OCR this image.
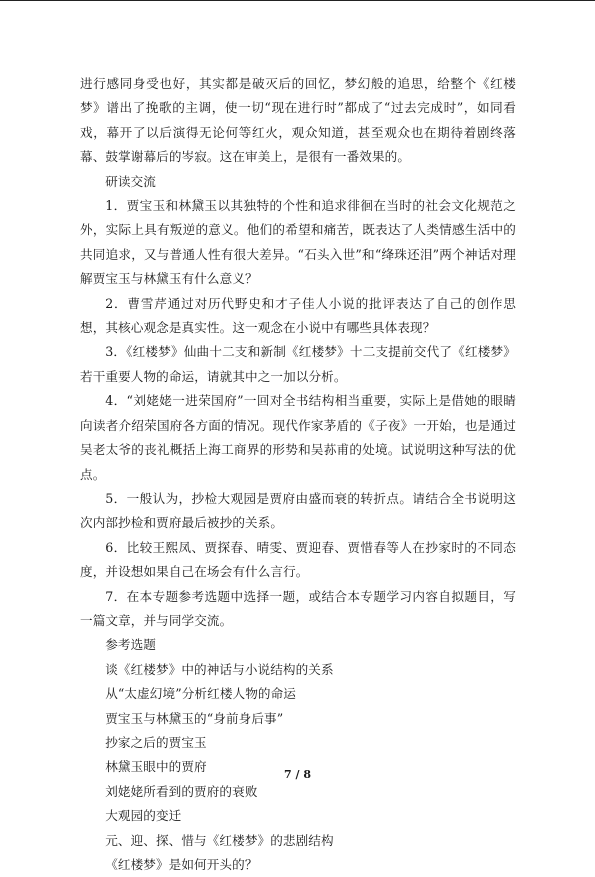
进行感同身受也好，其实都是破灭后的回忆，梦幻般的追思，给整个《红楼梦》谱出了挽歌的主调，使一切“现在进行时”都成了“过去完成时”，如同看戏，幕开了以后演得无论何等红火，观众知道，甚至观众也在期待着剧终落幕、鼓掌谢幕后的岑寂。这在审美上，是很有一番效果的。

研读交流

1．贾宝玉和林黛玉以其独特的个性和追求徘徊在当时的社会文化规范之外，实际上具有叛逆的意义。他们的希望和痛苦，既表达了人类情感生活中的共同追求，又与普通人性有很大差异。“石头入世”和“绛珠还泪”两个神话对理解贾宝玉与林黛玉有什么意义？

2．曹雪芹通过对历代野史和才子佳人小说的批评表达了自己的创作思想，其核心观念是真实性。这一观念在小说中有哪些具体表现？

3．《红楼梦》仙曲十二支和新制《红楼梦》十二支提前交代了《红楼梦》若干重要人物的命运，请就其中之一加以分析。

4．“刘姥姥一进荣国府”一回对全书结构相当重要，实际上是借她的眼睛向读者介绍荣国府各方面的情况。现代作家茅盾的《子夜》一开始，也是通过吴老太爷的丧礼概括上海工商界的形势和吴荪甫的处境。试说明这种写法的优点。

5．一般认为，抄检大观园是贾府由盛而衰的转折点。请结合全书说明这次内部抄检和贾府最后被抄的关系。

6．比较王熙凤、贾探春、晴雯、贾迎春、贾惜春等人在抄家时的不同态度，并设想如果自己在场会有什么言行。

7．在本专题参考选题中选择一题，或结合本专题学习内容自拟题目，写一篇文章，并与同学交流。

参考选题

谈《红楼梦》中的神话与小说结构的关系

从“太虚幻境”分析红楼人物的命运

贾宝玉与林黛玉的“身前身后事”

抄家之后的贾宝玉

林黛玉眼中的贾府

刘姥姥所看到的贾府的衰败

大观园的变迁

元、迎、探、惜与《红楼梦》的悲剧结构

《红楼梦》是如何开头的？

7 / 8
